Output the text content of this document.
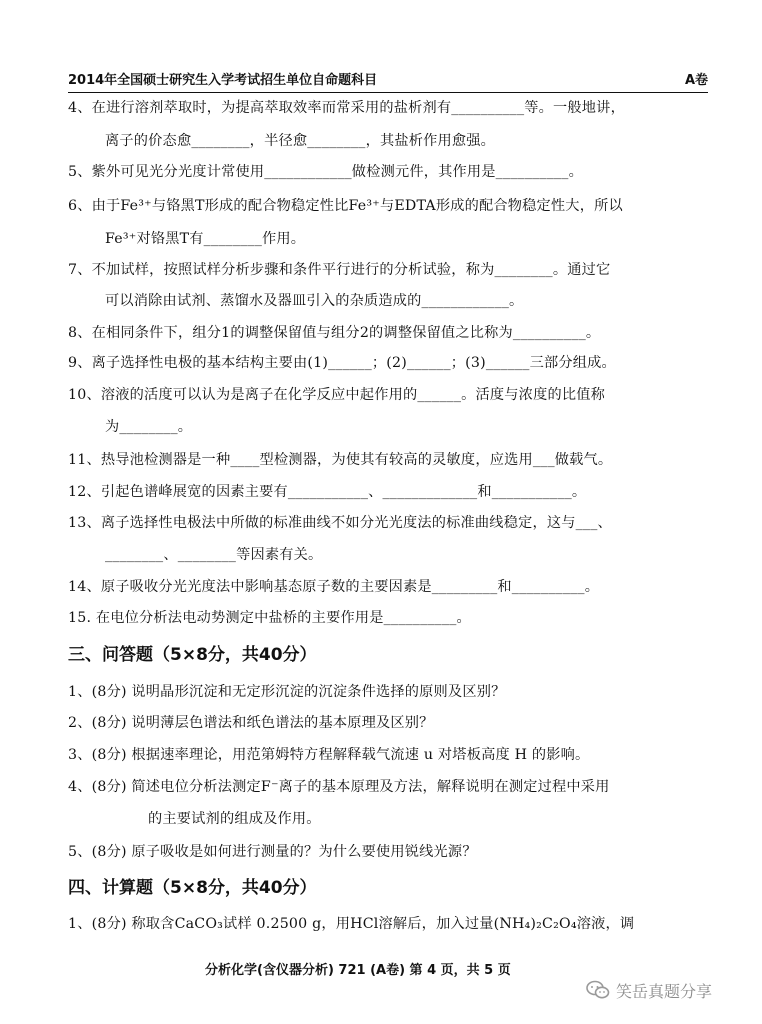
2014年全国硕士研究生入学考试招生单位自命题科目	A卷
4、在进行溶剂萃取时，为提高萃取效率而常采用的盐析剂有__________等。一般地讲，
离子的价态愈________，半径愈________，其盐析作用愈强。
5、紫外可见光分光度计常使用____________做检测元件，其作用是__________。
6、由于Fe³⁺与铬黑T形成的配合物稳定性比Fe³⁺与EDTA形成的配合物稳定性大，所以
Fe³⁺对铬黑T有________作用。
7、不加试样，按照试样分析步骤和条件平行进行的分析试验，称为________。通过它
可以消除由试剂、蒸馏水及器皿引入的杂质造成的____________。
8、在相同条件下，组分1的调整保留值与组分2的调整保留值之比称为__________。
9、离子选择性电极的基本结构主要由(1)______；(2)______；(3)______三部分组成。
10、溶液的活度可以认为是离子在化学反应中起作用的______。活度与浓度的比值称
为________。
11、热导池检测器是一种____型检测器，为使其有较高的灵敏度，应选用___做载气。
12、引起色谱峰展宽的因素主要有___________、_____________和___________。
13、离子选择性电极法中所做的标准曲线不如分光光度法的标准曲线稳定，这与___、
________、________等因素有关。
14、原子吸收分光光度法中影响基态原子数的主要因素是_________和__________。
15. 在电位分析法电动势测定中盐桥的主要作用是__________。
三、问答题（5×8分，共40分）
1、(8分) 说明晶形沉淀和无定形沉淀的沉淀条件选择的原则及区别？
2、(8分) 说明薄层色谱法和纸色谱法的基本原理及区别？
3、(8分) 根据速率理论，用范第姆特方程解释载气流速 u 对塔板高度 H 的影响。
4、(8分) 简述电位分析法测定F⁻离子的基本原理及方法，解释说明在测定过程中采用
的主要试剂的组成及作用。
5、(8分) 原子吸收是如何进行测量的？为什么要使用锐线光源？
四、计算题（5×8分，共40分）
1、(8分) 称取含CaCO₃试样 0.2500 g，用HCl溶解后，加入过量(NH₄)₂C₂O₄溶液，调
分析化学(含仪器分析) 721 (A卷) 第 4 页，共 5 页
笑岳真题分享
